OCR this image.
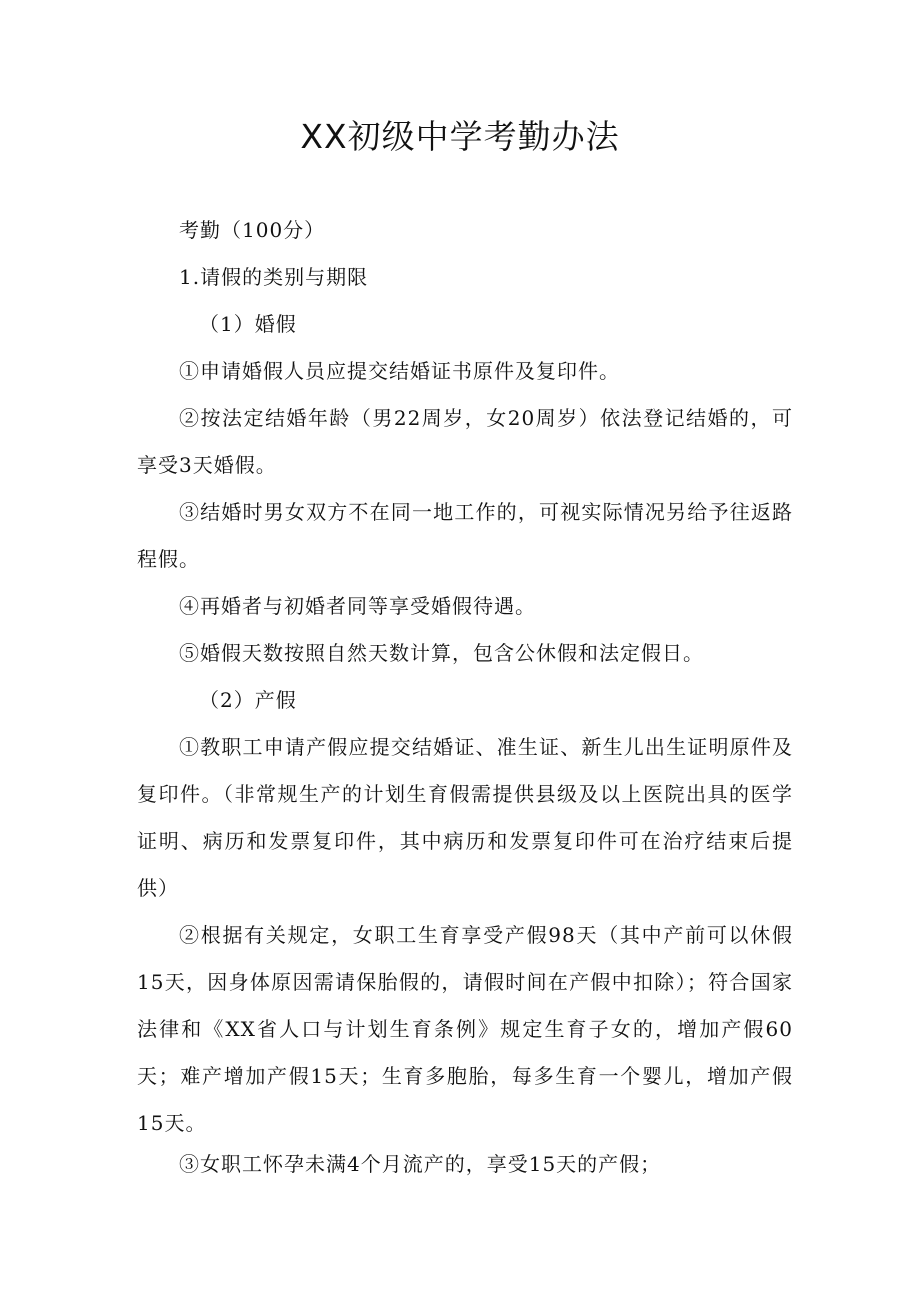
XX初级中学考勤办法

考勤（100分）

1.请假的类别与期限

（1）婚假

①申请婚假人员应提交结婚证书原件及复印件。

②按法定结婚年龄（男22周岁，女20周岁）依法登记结婚的，可享受3天婚假。

③结婚时男女双方不在同一地工作的，可视实际情况另给予往返路程假。

④再婚者与初婚者同等享受婚假待遇。

⑤婚假天数按照自然天数计算，包含公休假和法定假日。

（2）产假

①教职工申请产假应提交结婚证、准生证、新生儿出生证明原件及复印件。（非常规生产的计划生育假需提供县级及以上医院出具的医学证明、病历和发票复印件，其中病历和发票复印件可在治疗结束后提供）

②根据有关规定，女职工生育享受产假98天（其中产前可以休假15天，因身体原因需请保胎假的，请假时间在产假中扣除）；符合国家法律和《XX省人口与计划生育条例》规定生育子女的，增加产假60天；难产增加产假15天；生育多胞胎，每多生育一个婴儿，增加产假15天。

③女职工怀孕未满4个月流产的，享受15天的产假；
